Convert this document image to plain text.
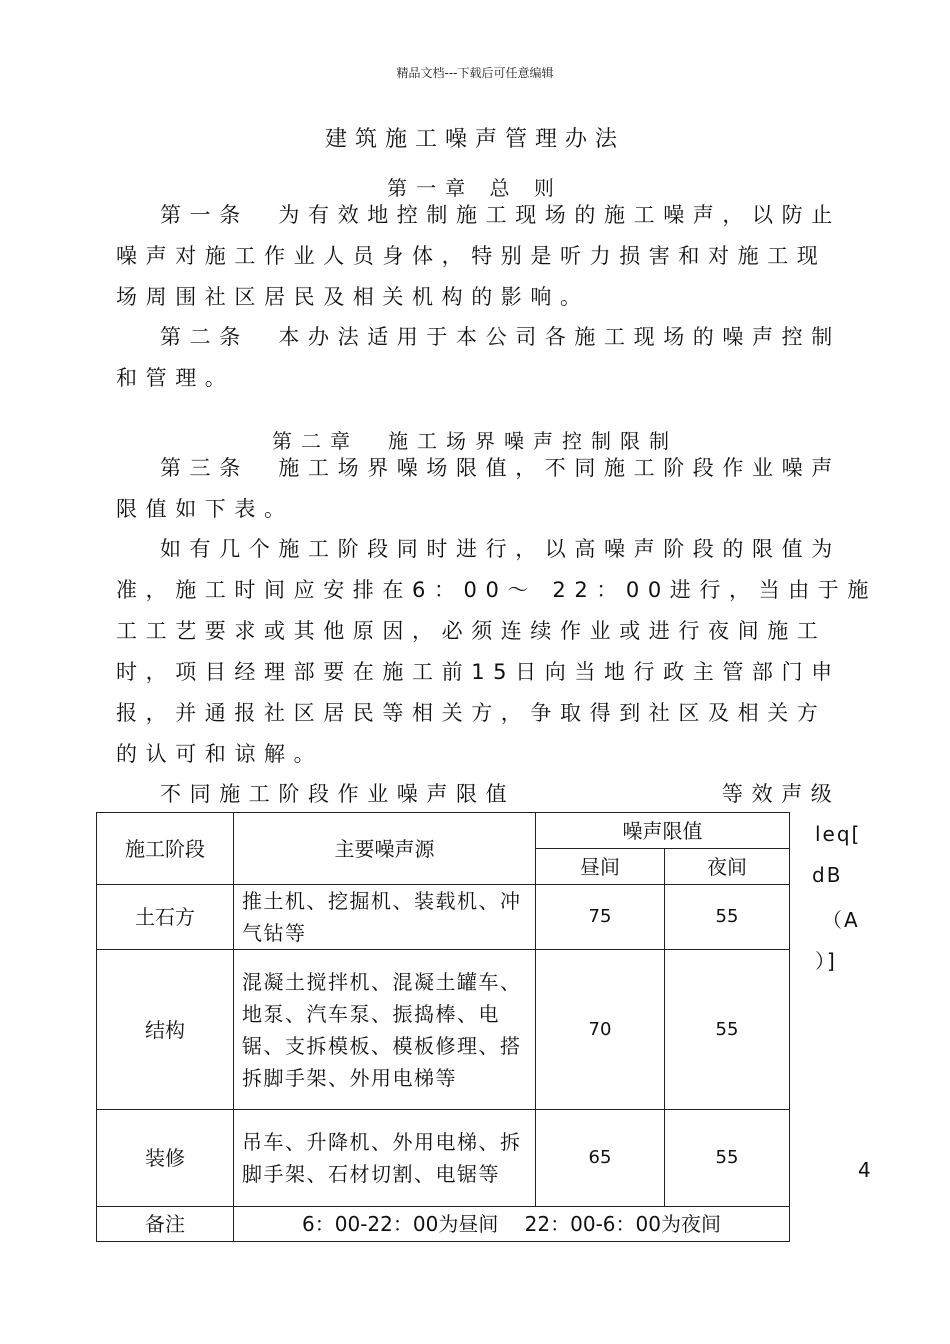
精品文档---下载后可任意编辑
建筑施工噪声管理办法
第一章 总 则
第一条　为有效地控制施工现场的施工噪声，以防止
噪声对施工作业人员身体，特别是听力损害和对施工现
场周围社区居民及相关机构的影响。
第二条　本办法适用于本公司各施工现场的噪声控制
和管理。
第二章　施工场界噪声控制限制
第三条　施工场界噪场限值，不同施工阶段作业噪声
限值如下表。
如有几个施工阶段同时进行，以高噪声阶段的限值为
准，施工时间应安排在6：00～ 22：00进行，当由于施
工工艺要求或其他原因，必须连续作业或进行夜间施工
时，项目经理部要在施工前15日向当地行政主管部门申
报，并通报社区居民等相关方，争取得到社区及相关方
的认可和谅解。
不同施工阶段作业噪声限值	等效声级
施工阶段	主要噪声源	噪声限值	
		昼间	夜间
土石方	推土机、挖掘机、装载机、冲气钻等	75	55
结构	混凝土搅拌机、混凝土罐车、地泵、汽车泵、振捣棒、电锯、支拆模板、模板修理、搭拆脚手架、外用电梯等	70	55
装修	吊车、升降机、外用电梯、拆脚手架、石材切割、电锯等	65	55
备注	6：00-22：00为昼间　 22：00-6：00为夜间		
leq[
dB
（A
）]
4
